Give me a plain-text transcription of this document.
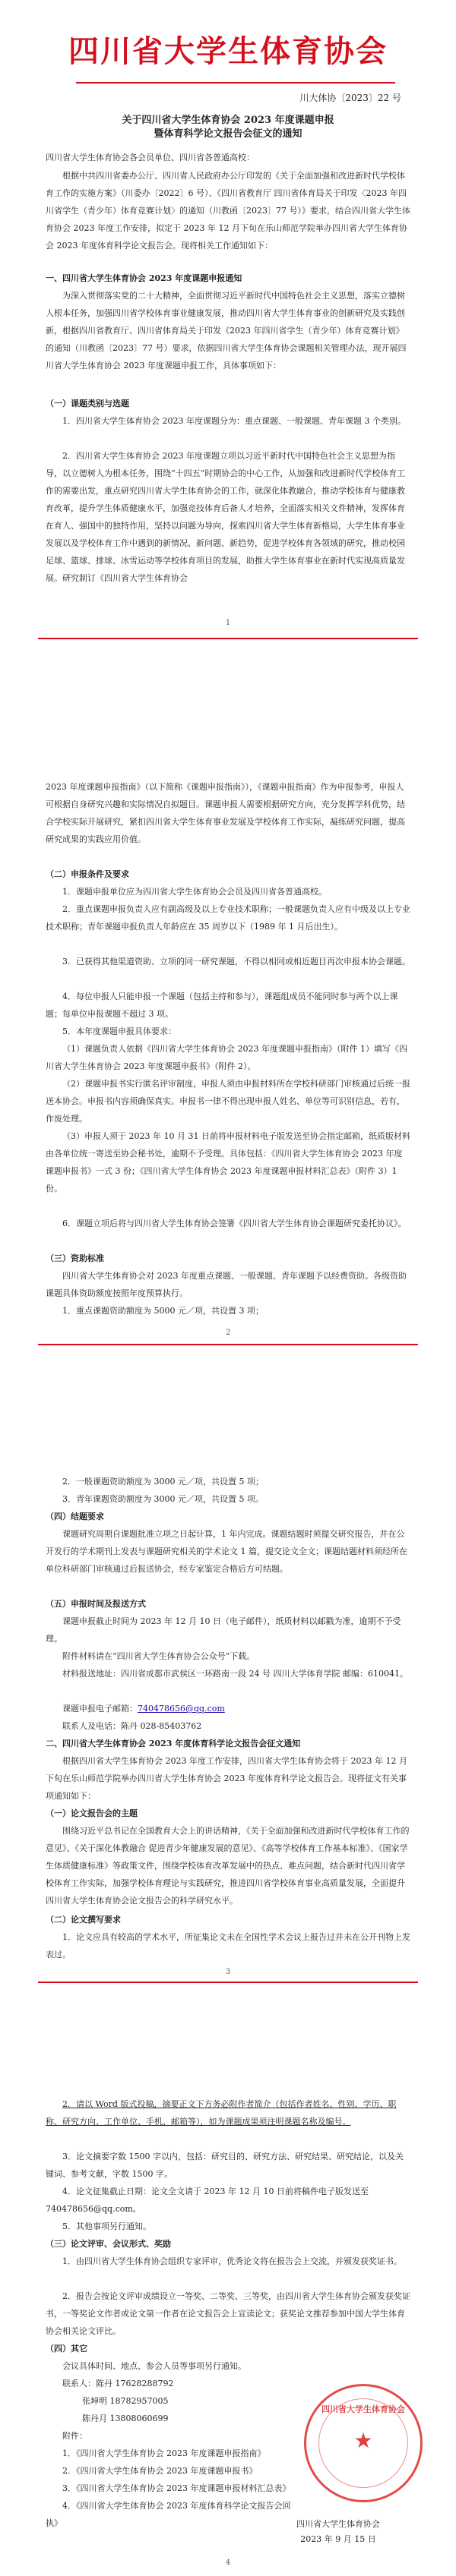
四川省大学生体育协会
川大体协〔2023〕22 号
关于四川省大学生体育协会 2023 年度课题申报
暨体育科学论文报告会征文的通知

四川省大学生体育协会各会员单位、四川省各普通高校：

根据中共四川省委办公厅、四川省人民政府办公厅印发的《关于全面加强和改进新时代学校体育工作的实施方案》（川委办〔2022〕6 号）、《四川省教育厅 四川省体育局关于印发〈2023 年四川省学生（青少年）体育竞赛计划〉的通知（川教函〔2023〕77 号）》要求，结合四川省大学生体育协会 2023 年度工作安排，拟定于 2023 年 12 月下旬在乐山师范学院举办四川省大学生体育协会 2023 年度体育科学论文报告会。现将相关工作通知如下：

一、四川省大学生体育协会 2023 年度课题申报通知

为深入贯彻落实党的二十大精神，全面贯彻习近平新时代中国特色社会主义思想，落实立德树人根本任务，加强四川省学校体育事业健康发展，推动四川省大学生体育事业的创新研究及实践创新，根据四川省教育厅、四川省体育局关于印发《2023 年四川省学生（青少年）体育竞赛计划》的通知（川教函〔2023〕77 号）要求，依据四川省大学生体育协会课题相关管理办法，现开展四川省大学生体育协会 2023 年度课题申报工作，具体事项如下：

（一）课题类别与选题

1．四川省大学生体育协会 2023 年度课题分为：重点课题、一般课题、青年课题 3 个类别。

2．四川省大学生体育协会 2023 年度课题立项以习近平新时代中国特色社会主义思想为指导，以立德树人为根本任务，围绕“十四五”时期协会的中心工作，从加强和改进新时代学校体育工作的需要出发，重点研究四川省大学生体育协会的工作，就深化体教融合，推动学校体育与健康教育改革，提升学生体质健康水平，加强竞技体育后备人才培养，全面落实相关文件精神，发挥体育在育人、强国中的独特作用，坚持以问题为导向，探索四川省大学生体育新格局，大学生体育事业发展以及学校体育工作中遇到的新情况、新问题、新趋势，促进学校体育各领域的研究，推动校园足球、篮球、排球、冰雪运动等学校体育项目的发展，助推大学生体育事业在新时代实现高质量发展。研究制订《四川省大学生体育协会

1

2023 年度课题申报指南》（以下简称《课题申报指南》），《课题申报指南》作为申报参考，申报人可根据自身研究兴趣和实际情况自拟题目。课题申报人需要根据研究方向，充分发挥学科优势，结合学校实际开展研究，紧扣四川省大学生体育事业发展及学校体育工作实际，凝练研究问题，提高研究成果的实践应用价值。

（二）申报条件及要求

1．课题申报单位应为四川省大学生体育协会会员及四川省各普通高校。

2．重点课题申报负责人应有副高级及以上专业技术职称；一般课题负责人应有中级及以上专业技术职称；青年课题申报负责人年龄应在 35 周岁以下（1989 年 1 月后出生）。

3．已获得其他渠道资助、立项的同一研究课题，不得以相同或相近题目再次申报本协会课题。

4．每位申报人只能申报一个课题（包括主持和参与），课题组成员不能同时参与两个以上课题；每单位申报课题不超过 3 项。

5．本年度课题申报具体要求：

（1）课题负责人依据《四川省大学生体育协会 2023 年度课题申报指南》（附件 1）填写《四川省大学生体育协会 2023 年度课题申报书》（附件 2）。

（2）课题申报书实行匿名评审制度，申报人须由申报材料所在学校科研部门审核通过后统一报送本协会。申报书内容须确保真实。申报书一律不得出现申报人姓名、单位等可识别信息，若有，作废处理。

（3）申报人须于 2023 年 10 月 31 日前将申报材料电子版发送至协会指定邮箱，纸质版材料由各单位统一寄送至协会秘书处，逾期不予受理。具体包括：《四川省大学生体育协会 2023 年度课题申报书》一式 3 份；《四川省大学生体育协会 2023 年度课题申报材料汇总表》（附件 3）1 份。

6．课题立项后将与四川省大学生体育协会签署《四川省大学生体育协会课题研究委托协议》。

（三）资助标准

四川省大学生体育协会对 2023 年度重点课题、一般课题、青年课题予以经费资助。各级资助课题具体资助额度按照年度预算执行。

1．重点课题资助额度为 5000 元／项，共设置 3 项；

2

2．一般课题资助额度为 3000 元／项，共设置 5 项；

3．青年课题资助额度为 3000 元／项，共设置 5 项。

（四）结题要求

课题研究周期自课题批准立项之日起计算，1 年内完成。课题结题时须提交研究报告，并在公开发行的学术期刊上发表与课题研究相关的学术论文 1 篇，提交论文全文；课题结题材料须经所在单位科研部门审核通过后报送协会，经专家鉴定合格后方可结题。

（五）申报时间及报送方式

课题申报截止时间为 2023 年 12 月 10 日（电子邮件），纸质材料以邮戳为准，逾期不予受理。

附件材料请在“四川省大学生体育协会公众号”下载。

材料报送地址：四川省成都市武侯区一环路南一段 24 号 四川大学体育学院 邮编：610041。

课题申报电子邮箱：740478656@qq.com

联系人及电话：陈丹 028-85403762

二、四川省大学生体育协会 2023 年度体育科学论文报告会征文通知

根据四川省大学生体育协会 2023 年度工作安排，四川省大学生体育协会将于 2023 年 12 月下旬在乐山师范学院举办四川省大学生体育协会 2023 年度体育科学论文报告会。现将征文有关事项通知如下：

（一）论文报告会的主题

围绕习近平总书记在全国教育大会上的讲话精神，《关于全面加强和改进新时代学校体育工作的意见》、《关于深化体教融合 促进青少年健康发展的意见》、《高等学校体育工作基本标准》、《国家学生体质健康标准》等政策文件，围绕学校体育改革发展中的热点、难点问题，结合新时代四川省学校体育工作实际，加强学校体育理论与实践研究，推进四川省学校体育事业高质量发展，全面提升四川省大学生体育协会论文报告会的科学研究水平。

（二）论文撰写要求

1．论文应具有较高的学术水平，所征集论文未在全国性学术会议上报告过并未在公开刊物上发表过。

3

2．请以 Word 版式投稿，摘要正文下方务必附作者简介（包括作者姓名、性别、学历、职称、研究方向、工作单位、手机、邮箱等），如为课题成果须注明课题名称及编号。

3．论文摘要字数 1500 字以内，包括：研究目的、研究方法、研究结果、研究结论，以及关键词、参考文献，字数 1500 字。

4．论文征集截止日期：论文全文请于 2023 年 12 月 10 日前将稿件电子版发送至 740478656@qq.com。

5．其他事项另行通知。

（三）论文评审、会议形式、奖励

1．由四川省大学生体育协会组织专家评审，优秀论文将在报告会上交流，并颁发获奖证书。

2．报告会按论文评审成绩设立一等奖、二等奖、三等奖，由四川省大学生体育协会颁发获奖证书，一等奖论文作者或论文第一作者在论文报告会上宣读论文；获奖论文推荐参加中国大学生体育协会相关论文评比。

（四）其它

会议具体时间、地点、参会人员等事项另行通知。

联系人：陈丹 17628288792

张坤明 18782957005

陈丹月 13808060699

附件：

1．《四川省大学生体育协会 2023 年度课题申报指南》

2．《四川省大学生体育协会 2023 年度课题申报书》

3．《四川省大学生体育协会 2023 年度课题申报材料汇总表》

4．《四川省大学生体育协会 2023 年度体育科学论文报告会回执》

四川省大学生体育协会
★
四川省大学生体育协会
2023 年 9 月 15 日
4
